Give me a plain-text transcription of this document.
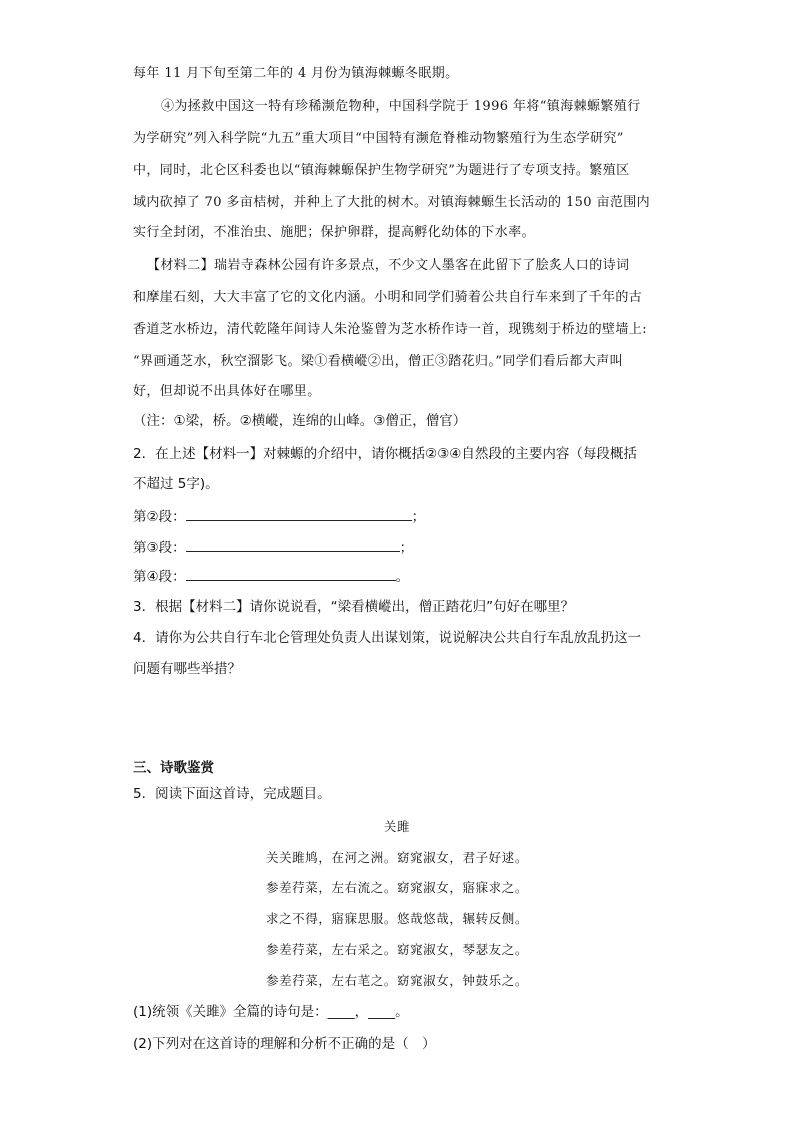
每年 11 月下旬至第二年的 4 月份为镇海棘螈冬眠期。
④为拯救中国这一特有珍稀濒危物种，中国科学院于 1996 年将“镇海棘螈繁殖行
为学研究”列入科学院“九五”重大项目“中国特有濒危脊椎动物繁殖行为生态学研究”
中，同时，北仑区科委也以“镇海棘螈保护生物学研究”为题进行了专项支持。繁殖区
域内砍掉了 70 多亩桔树，并种上了大批的树木。对镇海棘螈生长活动的 150 亩范围内
实行全封闭，不准治虫、施肥；保护卵群，提高孵化幼体的下水率。
【材料二】瑞岩寺森林公园有许多景点，不少文人墨客在此留下了脍炙人口的诗词
和摩崖石刻，大大丰富了它的文化内涵。小明和同学们骑着公共自行车来到了千年的古
香道芝水桥边，清代乾隆年间诗人朱沧鉴曾为芝水桥作诗一首，现镌刻于桥边的壁墙上:
“界画通芝水，秋空溜影飞。梁①看横嵷②出，僧正③踏花归。”同学们看后都大声叫
好，但却说不出具体好在哪里。
（注：①梁，桥。②横嵷，连绵的山峰。③僧正，僧官）
2．在上述【材料一】对棘螈的介绍中，请你概括②③④自然段的主要内容（每段概括
不超过 5字)。
第②段：	；
第③段：	；
第④段：	。
3．根据【材料二】请你说说看，“梁看横嵷出，僧正踏花归”句好在哪里？
4．请你为公共自行车北仑管理处负责人出谋划策，说说解决公共自行车乱放乱扔这一
问题有哪些举措？
三、诗歌鉴赏
5．阅读下面这首诗，完成题目。
关雎
关关雎鸠，在河之洲。窈窕淑女，君子好逑。
参差荇菜，左右流之。窈窕淑女，寤寐求之。
求之不得，寤寐思服。悠哉悠哉，辗转反侧。
参差荇菜，左右采之。窈窕淑女，琴瑟友之。
参差荇菜，左右芼之。窈窕淑女，钟鼓乐之。
(1)统领《关雎》全篇的诗句是：____，____。
(2)下列对在这首诗的理解和分析不正确的是（　）
